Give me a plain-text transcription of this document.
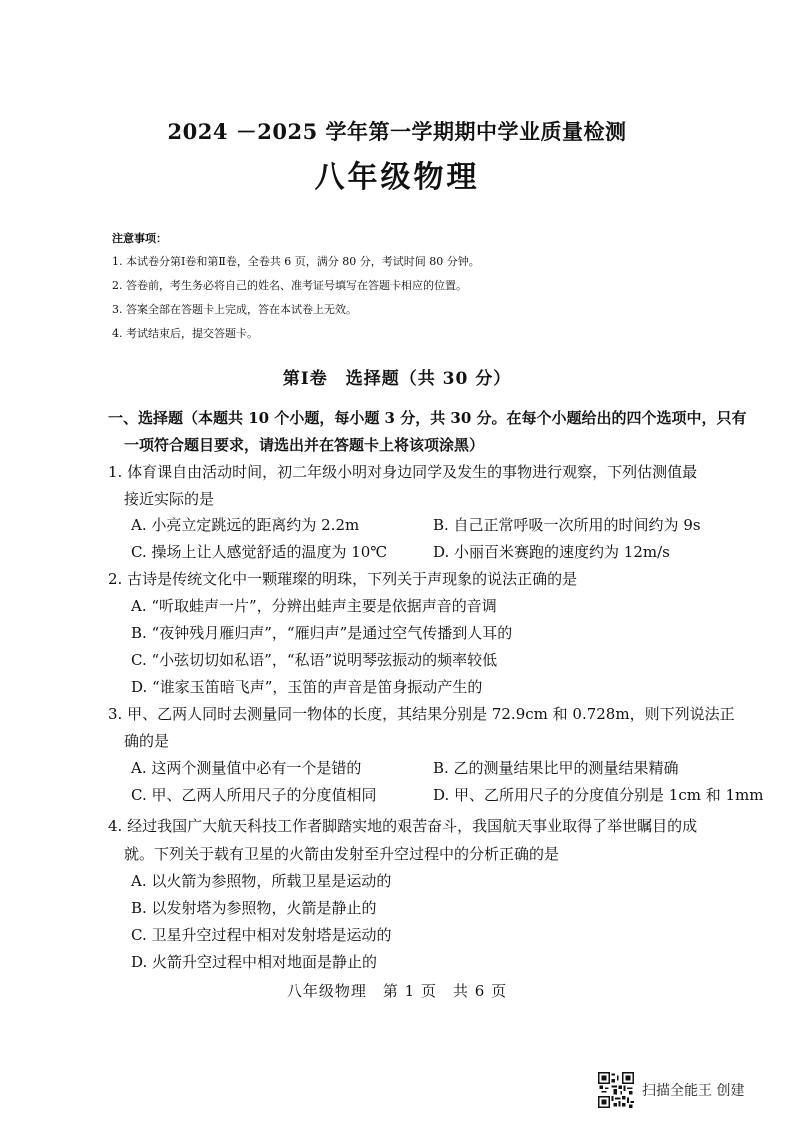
2024 －2025 学年第一学期期中学业质量检测
八年级物理
注意事项：
1. 本试卷分第Ⅰ卷和第Ⅱ卷，全卷共 6 页，满分 80 分，考试时间 80 分钟。
2. 答卷前，考生务必将自己的姓名、准考证号填写在答题卡相应的位置。
3. 答案全部在答题卡上完成，答在本试卷上无效。
4. 考试结束后，提交答题卡。
第Ⅰ卷　选择题（共 30 分）
一、选择题（本题共 10 个小题，每小题 3 分，共 30 分。在每个小题给出的四个选项中，只有
一项符合题目要求，请选出并在答题卡上将该项涂黑）
1. 体育课自由活动时间，初二年级小明对身边同学及发生的事物进行观察，下列估测值最
接近实际的是
A. 小亮立定跳远的距离约为 2.2m	B. 自己正常呼吸一次所用的时间约为 9s
C. 操场上让人感觉舒适的温度为 10℃	D. 小丽百米赛跑的速度约为 12m/s
2. 古诗是传统文化中一颗璀璨的明珠，下列关于声现象的说法正确的是
A. “听取蛙声一片”，分辨出蛙声主要是依据声音的音调
B. “夜钟残月雁归声”，“雁归声”是通过空气传播到人耳的
C. “小弦切切如私语”，“私语”说明琴弦振动的频率较低
D. “谁家玉笛暗飞声”，玉笛的声音是笛身振动产生的
3. 甲、乙两人同时去测量同一物体的长度，其结果分别是 72.9cm 和 0.728m，则下列说法正
确的是
A. 这两个测量值中必有一个是错的	B. 乙的测量结果比甲的测量结果精确
C. 甲、乙两人所用尺子的分度值相同	D. 甲、乙所用尺子的分度值分别是 1cm 和 1mm
4. 经过我国广大航天科技工作者脚踏实地的艰苦奋斗，我国航天事业取得了举世瞩目的成
就。下列关于载有卫星的火箭由发射至升空过程中的分析正确的是
A. 以火箭为参照物，所载卫星是运动的
B. 以发射塔为参照物，火箭是静止的
C. 卫星升空过程中相对发射塔是运动的
D. 火箭升空过程中相对地面是静止的
八年级物理　第 1 页　共 6 页
扫描全能王 创建
